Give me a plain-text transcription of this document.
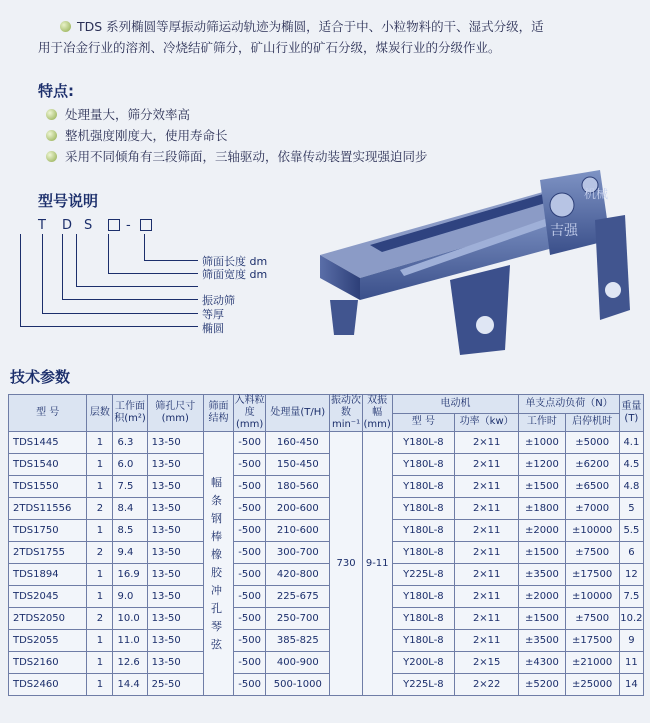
TDS 系列椭圆等厚振动筛运动轨迹为椭圆，适合于中、小粒物料的干、湿式分级，适
用于冶金行业的溶剂、冷烧结矿筛分，矿山行业的矿石分级，煤炭行业的分级作业。
特点:
处理量大，筛分效率高
整机强度刚度大，使用寿命长
采用不同倾角有三段筛面，三轴驱动，依靠传动装置实现强迫同步
型号说明
T D S	-
筛面长度 dm
筛面宽度 dm
振动筛
等厚
椭圆
吉强
机械
技术参数
型 号	层数	工作面积(m²)	筛孔尺寸(mm)	筛面结构	入料粒度(mm)	处理量(T/H)	振动次数min⁻¹	双振幅(mm)	电动机		单支点动负荷（N）		重量(T)
									型 号	功率（kw）	工作时	启停机时	
TDS1445	1	6.3	13-50	幅条
钢棒
橡胶
冲孔
琴弦	-500	160-450	730	9-11	Y180L-8	2×11	±1000	±5000	4.1
TDS1540	1	6.0	13-50		-500	150-450			Y180L-8	2×11	±1200	±6200	4.5
TDS1550	1	7.5	13-50		-500	180-560			Y180L-8	2×11	±1500	±6500	4.8
2TDS11556	2	8.4	13-50		-500	200-600			Y180L-8	2×11	±1800	±7000	5
TDS1750	1	8.5	13-50		-500	210-600			Y180L-8	2×11	±2000	±10000	5.5
2TDS1755	2	9.4	13-50		-500	300-700			Y180L-8	2×11	±1500	±7500	6
TDS1894	1	16.9	13-50		-500	420-800			Y225L-8	2×11	±3500	±17500	12
TDS2045	1	9.0	13-50		-500	225-675			Y180L-8	2×11	±2000	±10000	7.5
2TDS2050	2	10.0	13-50		-500	250-700			Y180L-8	2×11	±1500	±7500	10.2
TDS2055	1	11.0	13-50		-500	385-825			Y180L-8	2×11	±3500	±17500	9
TDS2160	1	12.6	13-50		-500	400-900			Y200L-8	2×15	±4300	±21000	11
TDS2460	1	14.4	25-50		-500	500-1000			Y225L-8	2×22	±5200	±25000	14
